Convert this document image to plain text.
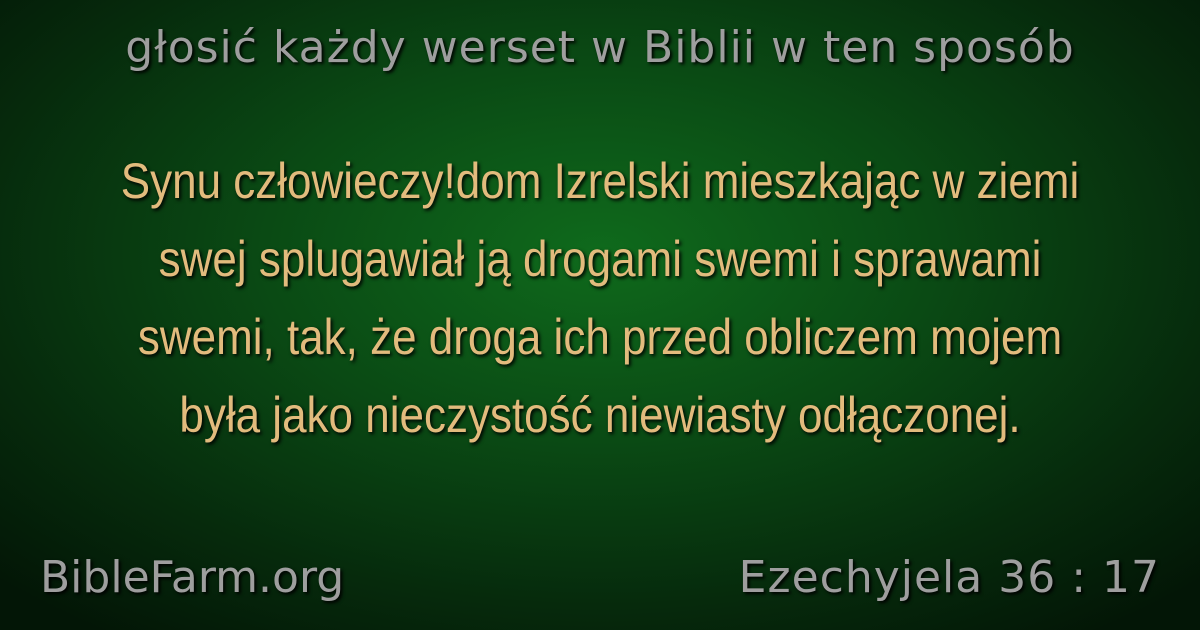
głosić każdy werset w Biblii w ten sposób
Synu człowieczy!dom Izrelski mieszkając w ziemi swej splugawiał ją drogami swemi i sprawami swemi, tak, że droga ich przed obliczem mojem była jako nieczystość niewiasty odłączonej.
BibleFarm.org	Ezechyjela 36 : 17
